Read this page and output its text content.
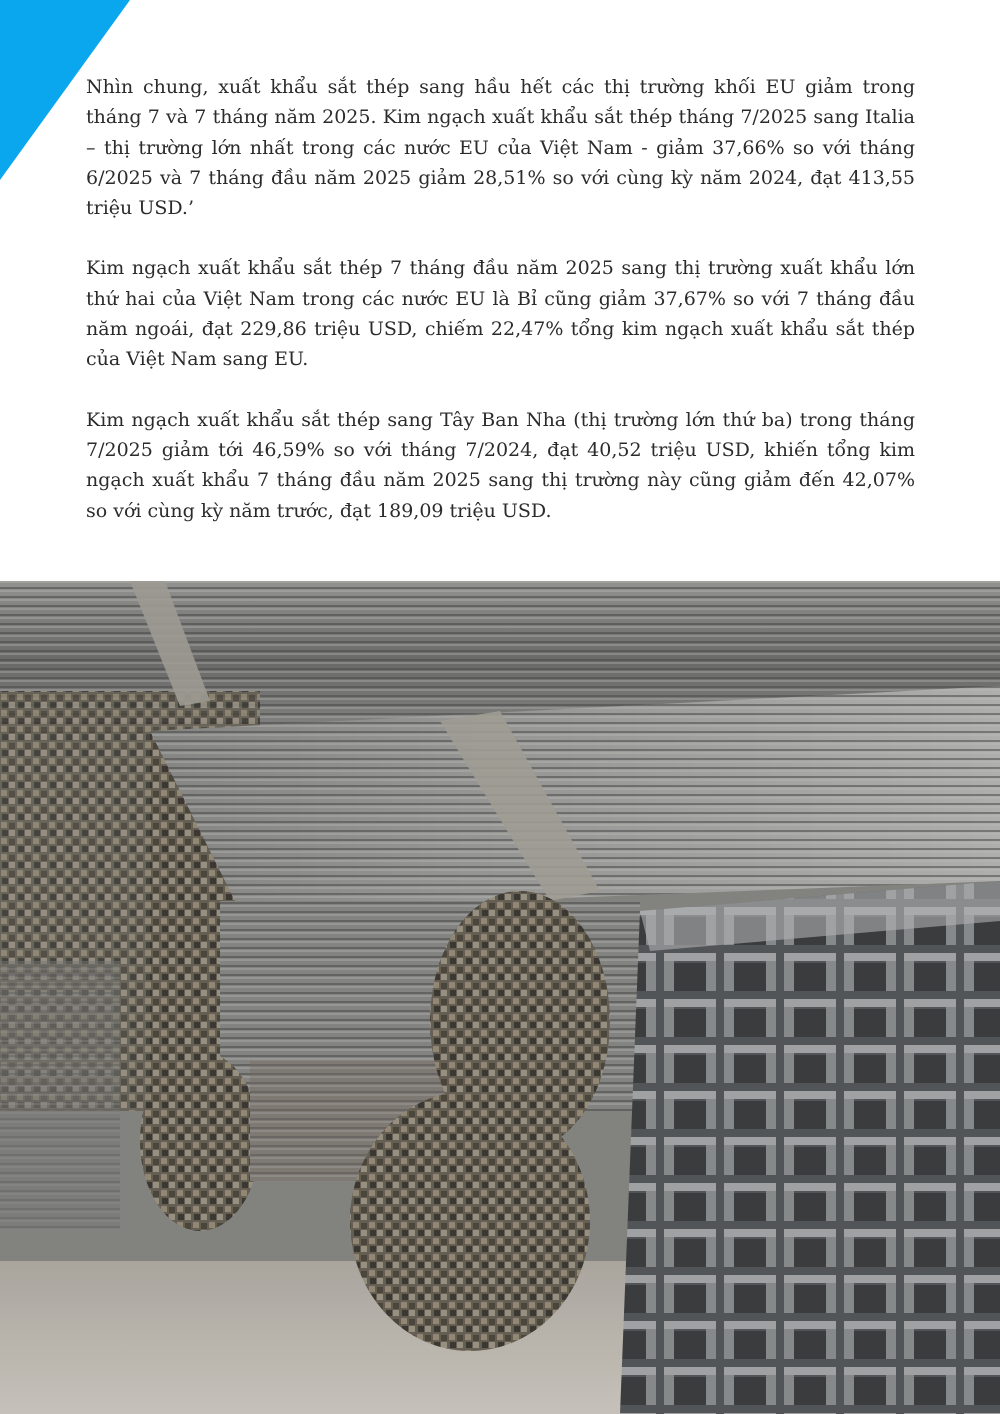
Nhìn chung, xuất khẩu sắt thép sang hầu hết các thị trường khối EU giảm trong tháng 7 và 7 tháng năm 2025. Kim ngạch xuất khẩu sắt thép tháng 7/2025 sang Italia – thị trường lớn nhất trong các nước EU của Việt Nam - giảm 37,66% so với tháng 6/2025 và 7 tháng đầu năm 2025 giảm 28,51% so với cùng kỳ năm 2024, đạt 413,55 triệu USD.’

Kim ngạch xuất khẩu sắt thép 7 tháng đầu năm 2025 sang thị trường xuất khẩu lớn thứ hai của Việt Nam trong các nước EU là Bỉ cũng giảm 37,67% so với 7 tháng đầu năm ngoái, đạt 229,86 triệu USD, chiếm 22,47% tổng kim ngạch xuất khẩu sắt thép của Việt Nam sang EU.

Kim ngạch xuất khẩu sắt thép sang Tây Ban Nha (thị trường lớn thứ ba) trong tháng 7/2025 giảm tới 46,59% so với tháng 7/2024, đạt 40,52 triệu USD, khiến tổng kim ngạch xuất khẩu 7 tháng đầu năm 2025 sang thị trường này cũng giảm đến 42,07% so với cùng kỳ năm trước, đạt 189,09 triệu USD.
